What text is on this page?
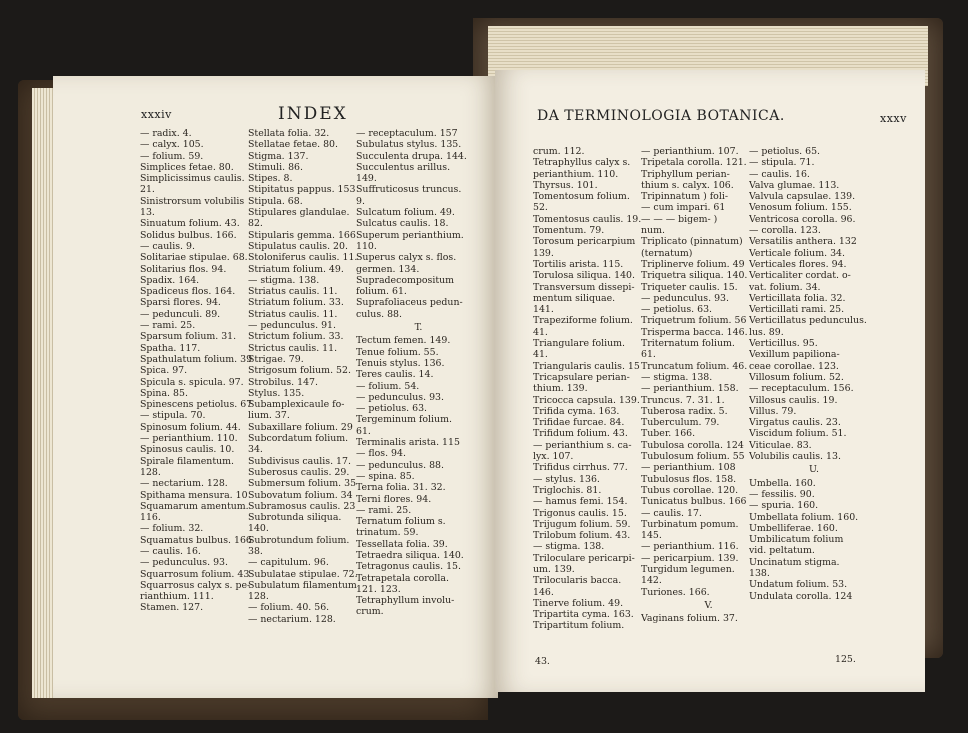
xxxiv	INDEX
— radix. 4.
— calyx. 105.
— folium. 59.
Simplices fetae. 80.
Simplicissimus caulis.
21.
Sinistrorsum volubilis
13.
Sinuatum folium. 43.
Solidus bulbus. 166.
— caulis. 9.
Solitariae stipulae. 68.
Solitarius flos. 94.
Spadix. 164.
Spadiceus flos. 164.
Sparsi flores. 94.
— pedunculi. 89.
— rami. 25.
Sparsum folium. 31.
Spatha. 117.
Spathulatum folium. 39
Spica. 97.
Spicula s. spicula. 97.
Spina. 85.
Spinescens petiolus. 67
— stipula. 70.
Spinosum folium. 44.
— perianthium. 110.
Spinosus caulis. 10.
Spirale filamentum.
128.
— nectarium. 128.
Spithama mensura. 10
Squamarum amentum.
116.
— folium. 32.
Squamatus bulbus. 166
— caulis. 16.
— pedunculus. 93.
Squarrosum folium. 43
Squarrosus calyx s. pe-
rianthium. 111.
Stamen. 127.
Stellata folia. 32.
Stellatae fetae. 80.
Stigma. 137.
Stimuli. 86.
Stipes. 8.
Stipitatus pappus. 153
Stipula. 68.
Stipulares glandulae.
82.
Stipularis gemma. 166
Stipulatus caulis. 20.
Stoloniferus caulis. 11.
Striatum folium. 49.
— stigma. 138.
Striatus caulis. 11.
Striatum folium. 33.
Striatus caulis. 11.
— pedunculus. 91.
Strictum folium. 33.
Strictus caulis. 11.
Strigae. 79.
Strigosum folium. 52.
Strobilus. 147.
Stylus. 135.
Subamplexicaule fo-
lium. 37.
Subaxillare folium. 29
Subcordatum folium.
34.
Subdivisus caulis. 17.
Suberosus caulis. 29.
Submersum folium. 35
Subovatum folium. 34
Subramosus caulis. 23
Subrotunda siliqua.
140.
Subrotundum folium.
38.
— capitulum. 96.
Subulatae stipulae. 72.
Subulatum filamentum
128.
— folium. 40. 56.
— nectarium. 128.
— receptaculum. 157
Subulatus stylus. 135.
Succulenta drupa. 144.
Succulentus arillus.
149.
Suffruticosus truncus.
9.
Sulcatum folium. 49.
Sulcatus caulis. 18.
Superum perianthium.
110.
Superus calyx s. flos.
germen. 134.
Supradecompositum
folium. 61.
Suprafoliaceus pedun-
culus. 88.
T.
Tectum femen. 149.
Tenue folium. 55.
Tenuis stylus. 136.
Teres caulis. 14.
— folium. 54.
— pedunculus. 93.
— petiolus. 63.
Tergeminum folium.
61.
Terminalis arista. 115
— flos. 94.
— pedunculus. 88.
— spina. 85.
Terna folia. 31. 32.
Terni flores. 94.
— rami. 25.
Ternatum folium s.
trinatum. 59.
Tessellata folia. 39.
Tetraedra siliqua. 140.
Tetragonus caulis. 15.
Tetrapetala corolla.
121. 123.
Tetraphyllum involu-
crum.
DA TERMINOLOGIA BOTANICA.	xxxv
crum. 112.
Tetraphyllus calyx s.
perianthium. 110.
Thyrsus. 101.
Tomentosum folium.
52.
Tomentosus caulis. 19.
Tomentum. 79.
Torosum pericarpium
139.
Tortilis arista. 115.
Torulosa siliqua. 140.
Transversum dissepi-
mentum siliquae.
141.
Trapeziforme folium.
41.
Triangulare folium.
41.
Triangularis caulis. 15
Tricapsulare perian-
thium. 139.
Tricocca capsula. 139.
Trifida cyma. 163.
Trifidae furcae. 84.
Trifidum folium. 43.
— perianthium s. ca-
lyx. 107.
Trifidus cirrhus. 77.
— stylus. 136.
Triglochis. 81.
— hamus femi. 154.
Trigonus caulis. 15.
Trijugum folium. 59.
Trilobum folium. 43.
— stigma. 138.
Triloculare pericarpi-
um. 139.
Trilocularis bacca.
146.
Tinerve folium. 49.
Tripartita cyma. 163.
Tripartitum folium.
— perianthium. 107.
Tripetala corolla. 121.
Triphyllum perian-
thium s. calyx. 106.
Tripinnatum ) foli-
— cum impari. 61
— — — bigem- )
num.
Triplicato (pinnatum)
(ternatum)
Triplinerve folium. 49
Triquetra siliqua. 140.
Triqueter caulis. 15.
— pedunculus. 93.
— petiolus. 63.
Triquetrum folium. 56
Trisperma bacca. 146.
Triternatum folium.
61.
Truncatum folium. 46.
— stigma. 138.
— perianthium. 158.
Truncus. 7. 31. 1.
Tuberosa radix. 5.
Tuberculum. 79.
Tuber. 166.
Tubulosa corolla. 124
Tubulosum folium. 55
— perianthium. 108
Tubulosus flos. 158.
Tubus corollae. 120.
Tunicatus bulbus. 166
— caulis. 17.
Turbinatum pomum.
145.
— perianthium. 116.
— pericarpium. 139.
Turgidum legumen.
142.
Turiones. 166.
V.
Vaginans folium. 37.
— petiolus. 65.
— stipula. 71.
— caulis. 16.
Valva glumae. 113.
Valvula capsulae. 139.
Venosum folium. 155.
Ventricosa corolla. 96.
— corolla. 123.
Versatilis anthera. 132
Verticale folium. 34.
Verticales flores. 94.
Verticaliter cordat. o-
vat. folium. 34.
Verticillata folia. 32.
Verticillati rami. 25.
Verticillatus pedunculus.
lus. 89.
Verticillus. 95.
Vexillum papiliona-
ceae corollae. 123.
Villosum folium. 52.
— receptaculum. 156.
Villosus caulis. 19.
Villus. 79.
Virgatus caulis. 23.
Viscidum folium. 51.
Viticulae. 83.
Volubilis caulis. 13.
U.
Umbella. 160.
— fessilis. 90.
— spuria. 160.
Umbellata folium. 160.
Umbelliferae. 160.
Umbilicatum folium
vid. peltatum.
Uncinatum stigma.
138.
Undatum folium. 53.
Undulata corolla. 124
43.	125.
